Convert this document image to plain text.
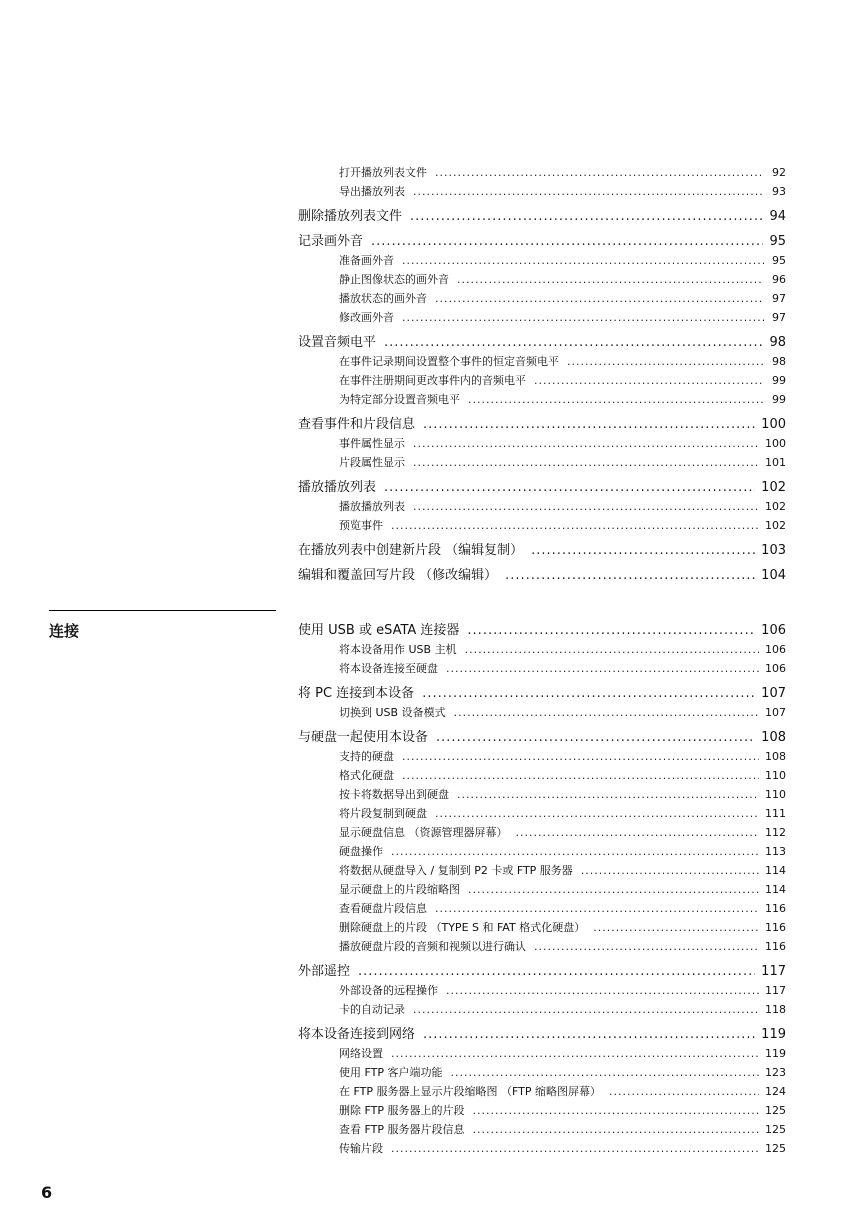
打开播放列表文件 .....	92
导出播放列表 .....	93
删除播放列表文件 .....	94
记录画外音 .....	95
准备画外音 .....	95
静止图像状态的画外音 .....	96
播放状态的画外音 .....	97
修改画外音 .....	97
设置音频电平 .....	98
在事件记录期间设置整个事件的恒定音频电平 .....	98
在事件注册期间更改事件内的音频电平 .....	99
为特定部分设置音频电平 .....	99
查看事件和片段信息 .....	100
事件属性显示 .....	100
片段属性显示 .....	101
播放播放列表 .....	102
播放播放列表 .....	102
预览事件 .....	102
在播放列表中创建新片段 （编辑复制） .....	103
编辑和覆盖回写片段 （修改编辑） .....	104
连接	使用 USB 或 eSATA 连接器 .....	106
将本设备用作 USB 主机 .....	106
将本设备连接至硬盘 .....	106
将 PC 连接到本设备 .....	107
切换到 USB 设备模式 .....	107
与硬盘一起使用本设备 .....	108
支持的硬盘 .....	108
格式化硬盘 .....	110
按卡将数据导出到硬盘 .....	110
将片段复制到硬盘 .....	111
显示硬盘信息 （资源管理器屏幕） .....	112
硬盘操作 .....	113
将数据从硬盘导入 / 复制到 P2 卡或 FTP 服务器 .....	114
显示硬盘上的片段缩略图 .....	114
查看硬盘片段信息 .....	116
删除硬盘上的片段 （TYPE S 和 FAT 格式化硬盘） .....	116
播放硬盘片段的音频和视频以进行确认 .....	116
外部遥控 .....	117
外部设备的远程操作 .....	117
卡的自动记录 .....	118
将本设备连接到网络 .....	119
网络设置 .....	119
使用 FTP 客户端功能 .....	123
在 FTP 服务器上显示片段缩略图 （FTP 缩略图屏幕） .....	124
删除 FTP 服务器上的片段 .....	125
查看 FTP 服务器片段信息 .....	125
传输片段 .....	125
6
